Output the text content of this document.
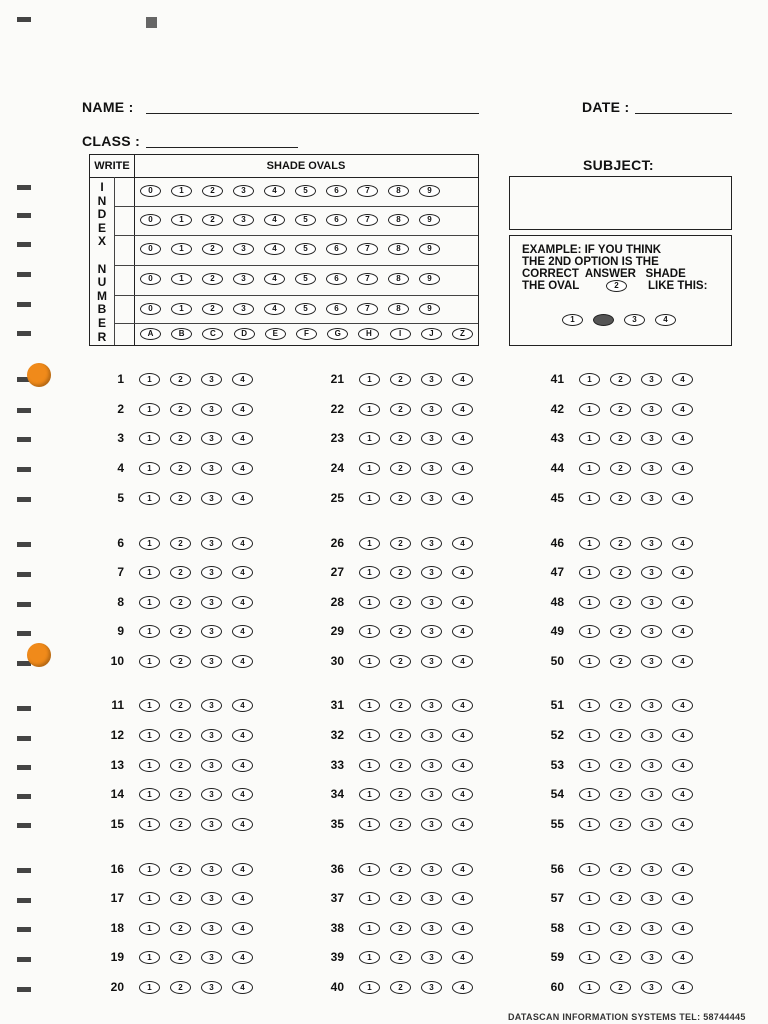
NAME :	DATE :
CLASS :
SUBJECT:
WRITE	SHADE OVALS
I
N
D
E
X

N
U
M
B
E
R
0	1	2	3	4	5	6	7	8	9
0	1	2	3	4	5	6	7	8	9
0	1	2	3	4	5	6	7	8	9
0	1	2	3	4	5	6	7	8	9
0	1	2	3	4	5	6	7	8	9
A	B	C	D	E	F	G	H	I	J	Z
EXAMPLE: IF YOU THINK
THE 2ND OPTION IS THE
CORRECT  ANSWER   SHADE
THE OVAL	2	LIKE THIS:
1	3	4
1	1	2	3	4
2	1	2	3	4
3	1	2	3	4
4	1	2	3	4
5	1	2	3	4
6	1	2	3	4
7	1	2	3	4
8	1	2	3	4
9	1	2	3	4
10	1	2	3	4
11	1	2	3	4
12	1	2	3	4
13	1	2	3	4
14	1	2	3	4
15	1	2	3	4
16	1	2	3	4
17	1	2	3	4
18	1	2	3	4
19	1	2	3	4
20	1	2	3	4
21	1	2	3	4
22	1	2	3	4
23	1	2	3	4
24	1	2	3	4
25	1	2	3	4
26	1	2	3	4
27	1	2	3	4
28	1	2	3	4
29	1	2	3	4
30	1	2	3	4
31	1	2	3	4
32	1	2	3	4
33	1	2	3	4
34	1	2	3	4
35	1	2	3	4
36	1	2	3	4
37	1	2	3	4
38	1	2	3	4
39	1	2	3	4
40	1	2	3	4
41	1	2	3	4
42	1	2	3	4
43	1	2	3	4
44	1	2	3	4
45	1	2	3	4
46	1	2	3	4
47	1	2	3	4
48	1	2	3	4
49	1	2	3	4
50	1	2	3	4
51	1	2	3	4
52	1	2	3	4
53	1	2	3	4
54	1	2	3	4
55	1	2	3	4
56	1	2	3	4
57	1	2	3	4
58	1	2	3	4
59	1	2	3	4
60	1	2	3	4
DATASCAN INFORMATION SYSTEMS TEL: 58744445
